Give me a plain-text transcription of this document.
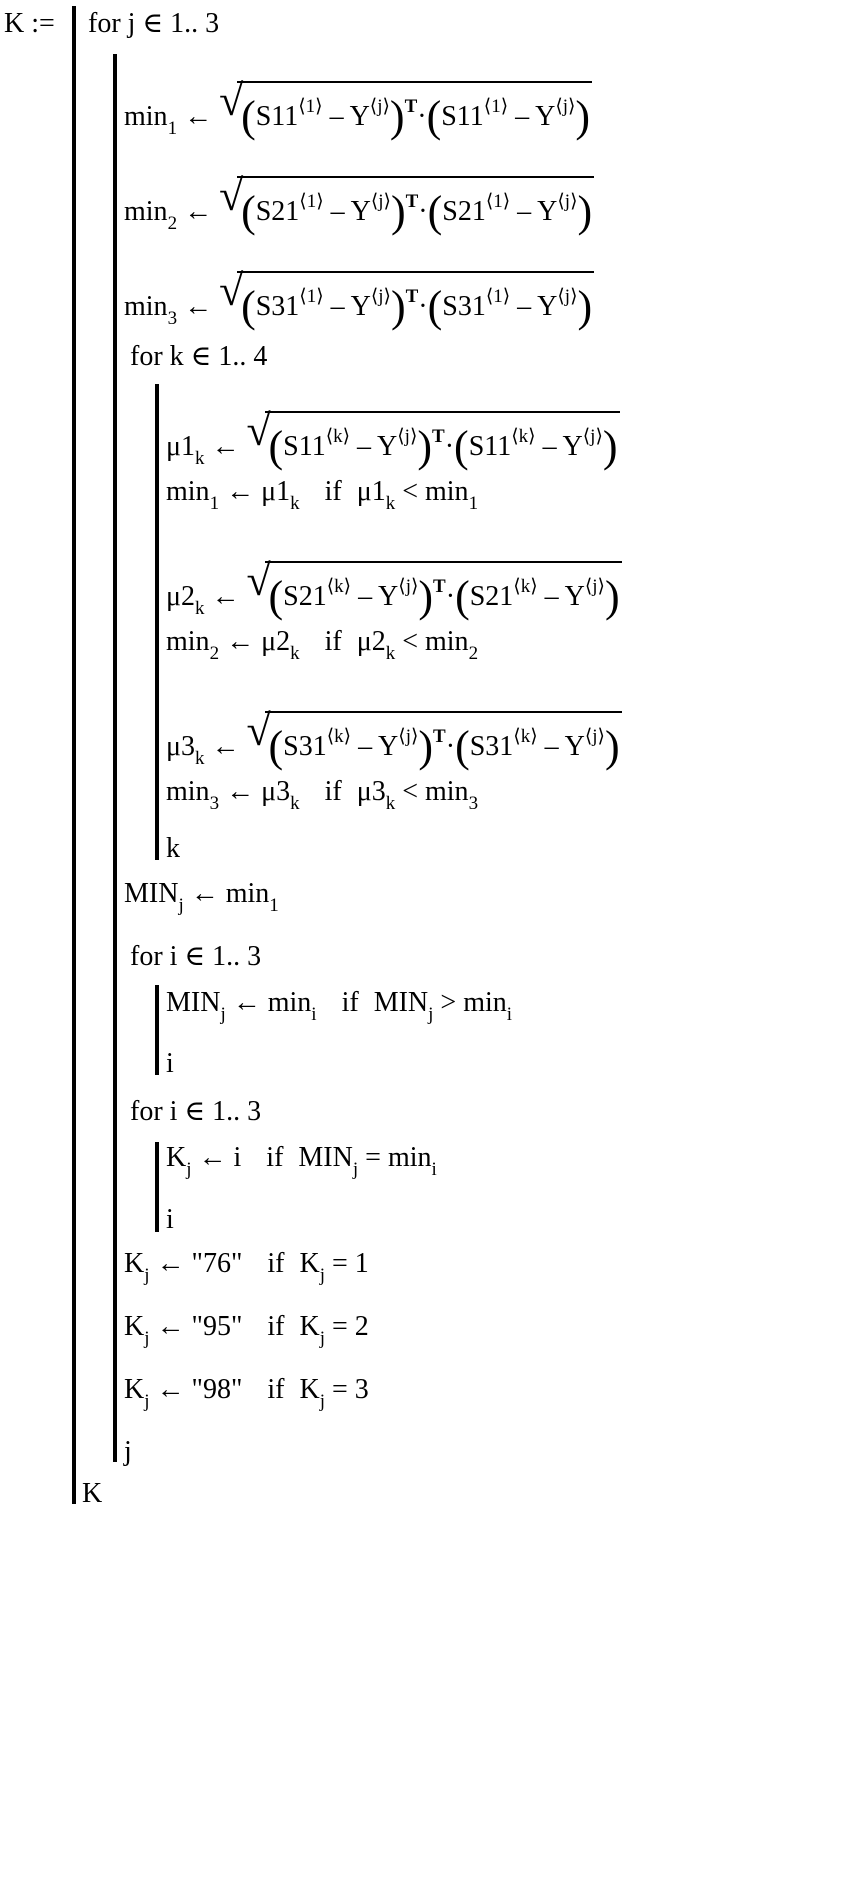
K := for j ∈ 1.. 3
$\min_1$ ← √
$(S11^{⟨1⟩} - Y^{⟨j⟩})^T\cdot(S11^{⟨1⟩} - Y^{⟨j⟩})$
$\min_2$ ← √
$(S21^{⟨1⟩} - Y^{⟨j⟩})^T\cdot(S21^{⟨1⟩} - Y^{⟨j⟩})$
$\min_3$ ← √
$(S31^{⟨1⟩} - Y^{⟨j⟩})^T\cdot(S31^{⟨1⟩} - Y^{⟨j⟩})$
for k ∈ 1.. 4
$\mu 1_k$ ← √
$(S11^{⟨k⟩} - Y^{⟨j⟩})^T\cdot(S11^{⟨k⟩} - Y^{⟨j⟩})$
$\min_1$ ← $\mu 1_k$ if $\mu 1_k < \min_1$
$\mu 2_k$ ← √
$(S21^{⟨k⟩} - Y^{⟨j⟩})^T\cdot(S21^{⟨k⟩} - Y^{⟨j⟩})$
$\min_2$ ← $\mu 2_k$ if $\mu 2_k < \min_2$
$\mu 3_k$ ← √
$(S31^{⟨k⟩} - Y^{⟨j⟩})^T\cdot(S31^{⟨k⟩} - Y^{⟨j⟩})$
$\min_3$ ← $\mu 3_k$ if $\mu 3_k < \min_3$
k
$MIN_j$ ← $\min_1$
for i ∈ 1.. 3
$MIN_j$ ← $\min_i$ if $MIN_j > \min_i$
i
for i ∈ 1.. 3
$K_j$ ← i if $MIN_j = \min_i$
i
$K_j$ ← "76" if $K_j = 1$
$K_j$ ← "95" if $K_j = 2$
$K_j$ ← "98" if $K_j = 3$
j
K
